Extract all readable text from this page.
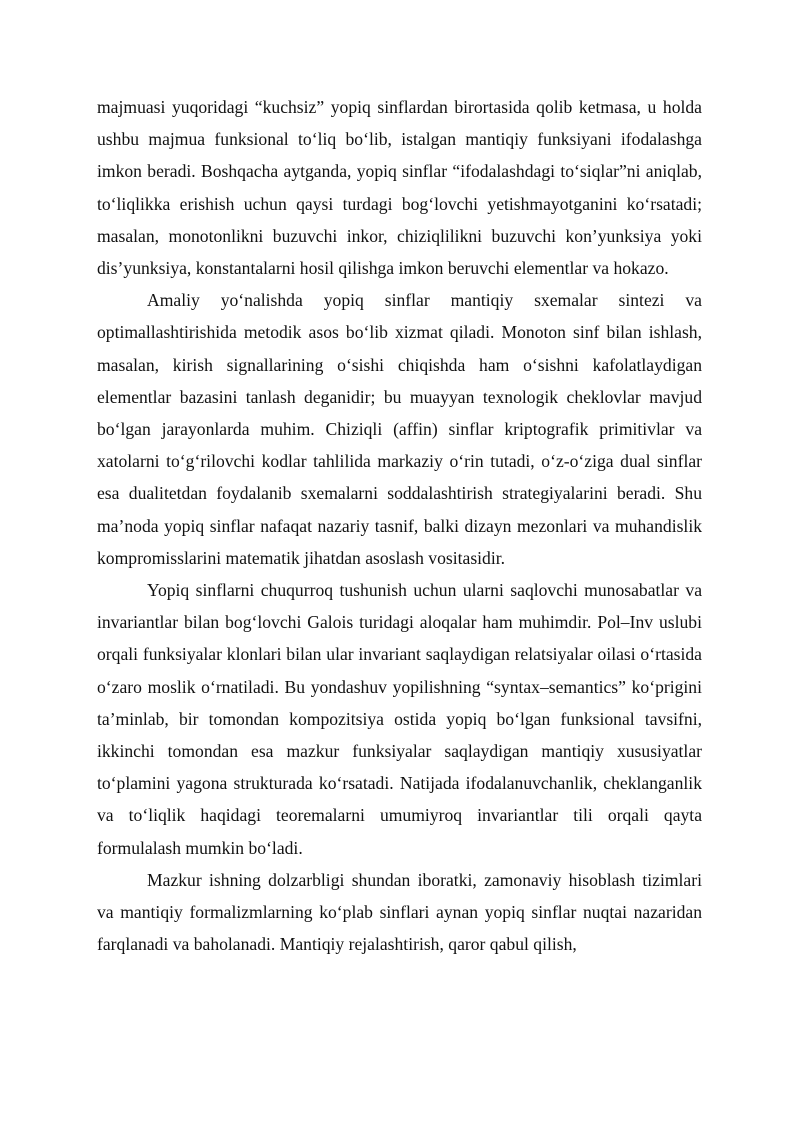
majmuasi yuqoridagi “kuchsiz” yopiq sinflardan birortasida qolib ketmasa, u holda ushbu majmua funksional to‘liq bo‘lib, istalgan mantiqiy funksiyani ifodalashga imkon beradi. Boshqacha aytganda, yopiq sinflar “ifodalashdagi to‘siqlar”ni aniqlab, to‘liqlikka erishish uchun qaysi turdagi bog‘lovchi yetishmayotganini ko‘rsatadi; masalan, monotonlikni buzuvchi inkor, chiziqlilikni buzuvchi kon’yunksiya yoki dis’yunksiya, konstantalarni hosil qilishga imkon beruvchi elementlar va hokazo.

Amaliy yo‘nalishda yopiq sinflar mantiqiy sxemalar sintezi va optimallashtirishida metodik asos bo‘lib xizmat qiladi. Monoton sinf bilan ishlash, masalan, kirish signallarining o‘sishi chiqishda ham o‘sishni kafolatlaydigan elementlar bazasini tanlash deganidir; bu muayyan texnologik cheklovlar mavjud bo‘lgan jarayonlarda muhim. Chiziqli (affin) sinflar kriptografik primitivlar va xatolarni to‘g‘rilovchi kodlar tahlilida markaziy o‘rin tutadi, o‘z-o‘ziga dual sinflar esa dualitetdan foydalanib sxemalarni soddalashtirish strategiyalarini beradi. Shu ma’noda yopiq sinflar nafaqat nazariy tasnif, balki dizayn mezonlari va muhandislik kompromisslarini matematik jihatdan asoslash vositasidir.

Yopiq sinflarni chuqurroq tushunish uchun ularni saqlovchi munosabatlar va invariantlar bilan bog‘lovchi Galois turidagi aloqalar ham muhimdir. Pol–Inv uslubi orqali funksiyalar klonlari bilan ular invariant saqlaydigan relatsiyalar oilasi o‘rtasida o‘zaro moslik o‘rnatiladi. Bu yondashuv yopilishning “syntax–semantics” ko‘prigini ta’minlab, bir tomondan kompozitsiya ostida yopiq bo‘lgan funksional tavsifni, ikkinchi tomondan esa mazkur funksiyalar saqlaydigan mantiqiy xususiyatlar to‘plamini yagona strukturada ko‘rsatadi. Natijada ifodalanuvchanlik, cheklanganlik va to‘liqlik haqidagi teoremalarni umumiyroq invariantlar tili orqali qayta formulalash mumkin bo‘ladi.

Mazkur ishning dolzarbligi shundan iboratki, zamonaviy hisoblash tizimlari va mantiqiy formalizmlarning ko‘plab sinflari aynan yopiq sinflar nuqtai nazaridan farqlanadi va baholanadi. Mantiqiy rejalashtirish, qaror qabul qilish,
